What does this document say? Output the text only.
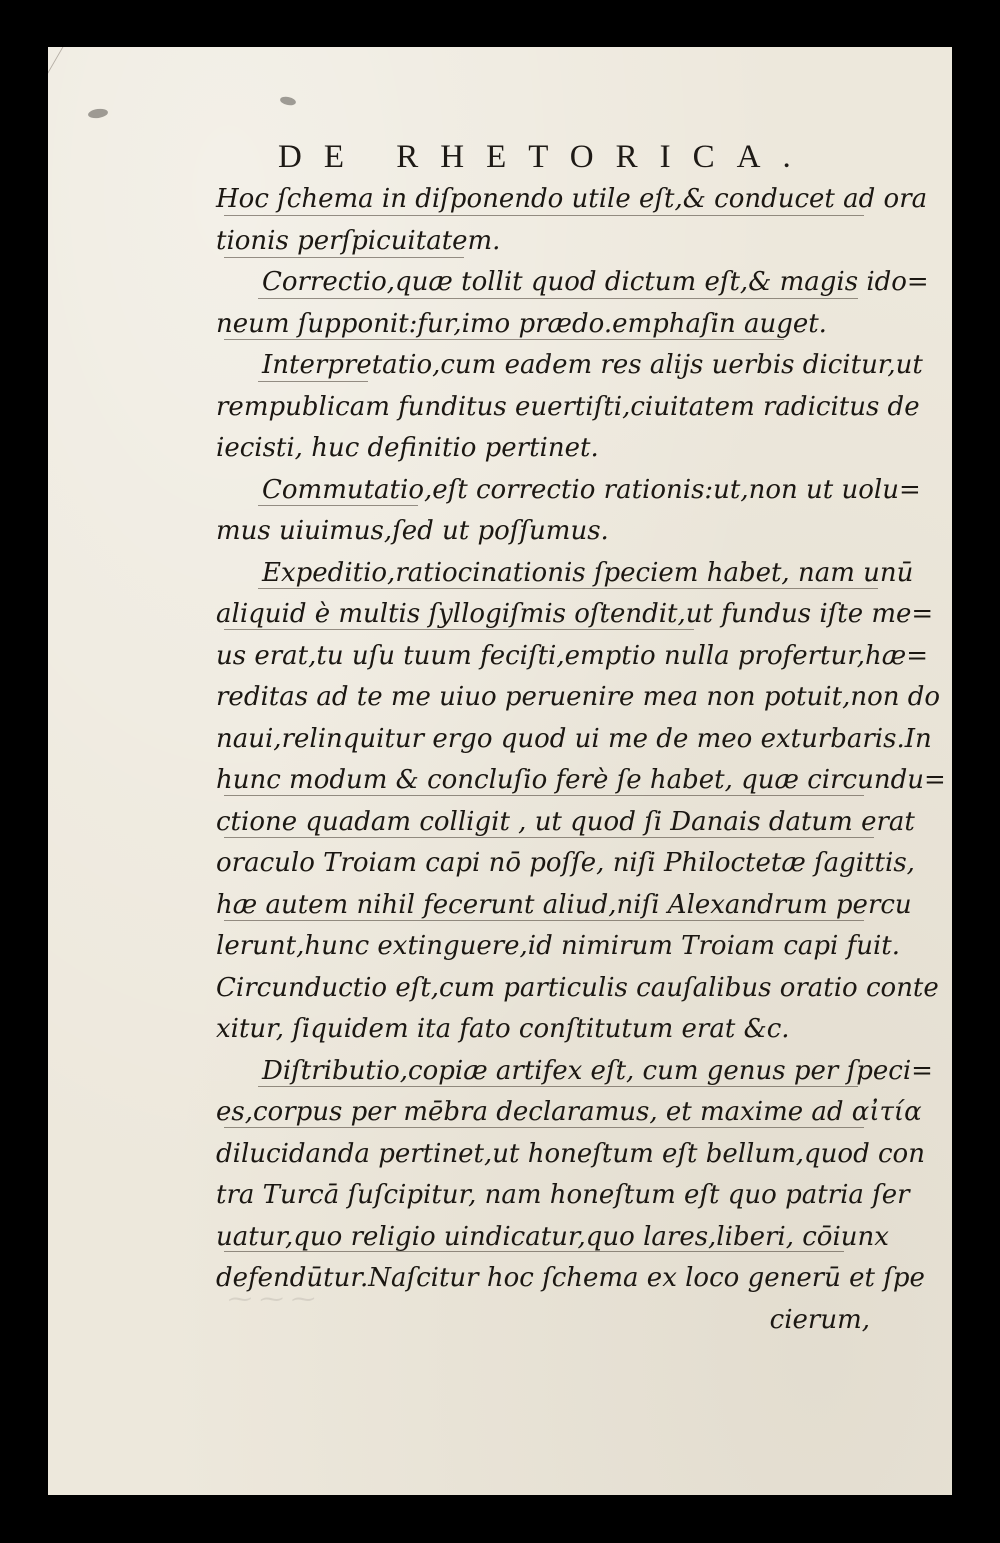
DE RHETORICA.
Hoc ſchema in diſponendo utile eſt,& conducet ad ora
tionis perſpicuitatem.
Correctio,quæ tollit quod dictum eſt,& magis ido=
neum ſupponit:fur,imo prædo.emphaſin auget.
Interpretatio,cum eadem res alijs uerbis dicitur,ut
rempublicam funditus euertiſti,ciuitatem radicitus de
iecisti, huc definitio pertinet.
Commutatio,eſt correctio rationis:ut,non ut uolu=
mus uiuimus,ſed ut poſſumus.
Expeditio,ratiocinationis ſpeciem habet, nam unū
aliquid è multis ſyllogiſmis oſtendit,ut fundus iſte me=
us erat,tu uſu tuum feciſti,emptio nulla profertur,hæ=
reditas ad te me uiuo peruenire mea non potuit,non do
naui,relinquitur ergo quod ui me de meo exturbaris.In
hunc modum & concluſio ferè ſe habet, quæ circundu=
ctione quadam colligit , ut quod ſi Danais datum erat
oraculo Troiam capi nō poſſe, niſi Philoctetæ ſagittis,
hæ autem nihil fecerunt aliud,niſi Alexandrum percu
lerunt,hunc extinguere,id nimirum Troiam capi fuit.
Circunductio eſt,cum particulis cauſalibus oratio conte
xitur, ſiquidem ita fato conſtitutum erat &c.
Diſtributio,copiæ artifex eſt, cum genus per ſpeci=
es,corpus per mēbra declaramus, et maxime ad αἰτία
dilucidanda pertinet,ut honeſtum eſt bellum,quod con
tra Turcā ſuſcipitur, nam honeſtum eſt quo patria ſer
uatur,quo religio uindicatur,quo lares,liberi, cōiunx
defendūtur.Naſcitur hoc ſchema ex loco generū et ſpe
cierum,
⁓ ⁓ ⁓
